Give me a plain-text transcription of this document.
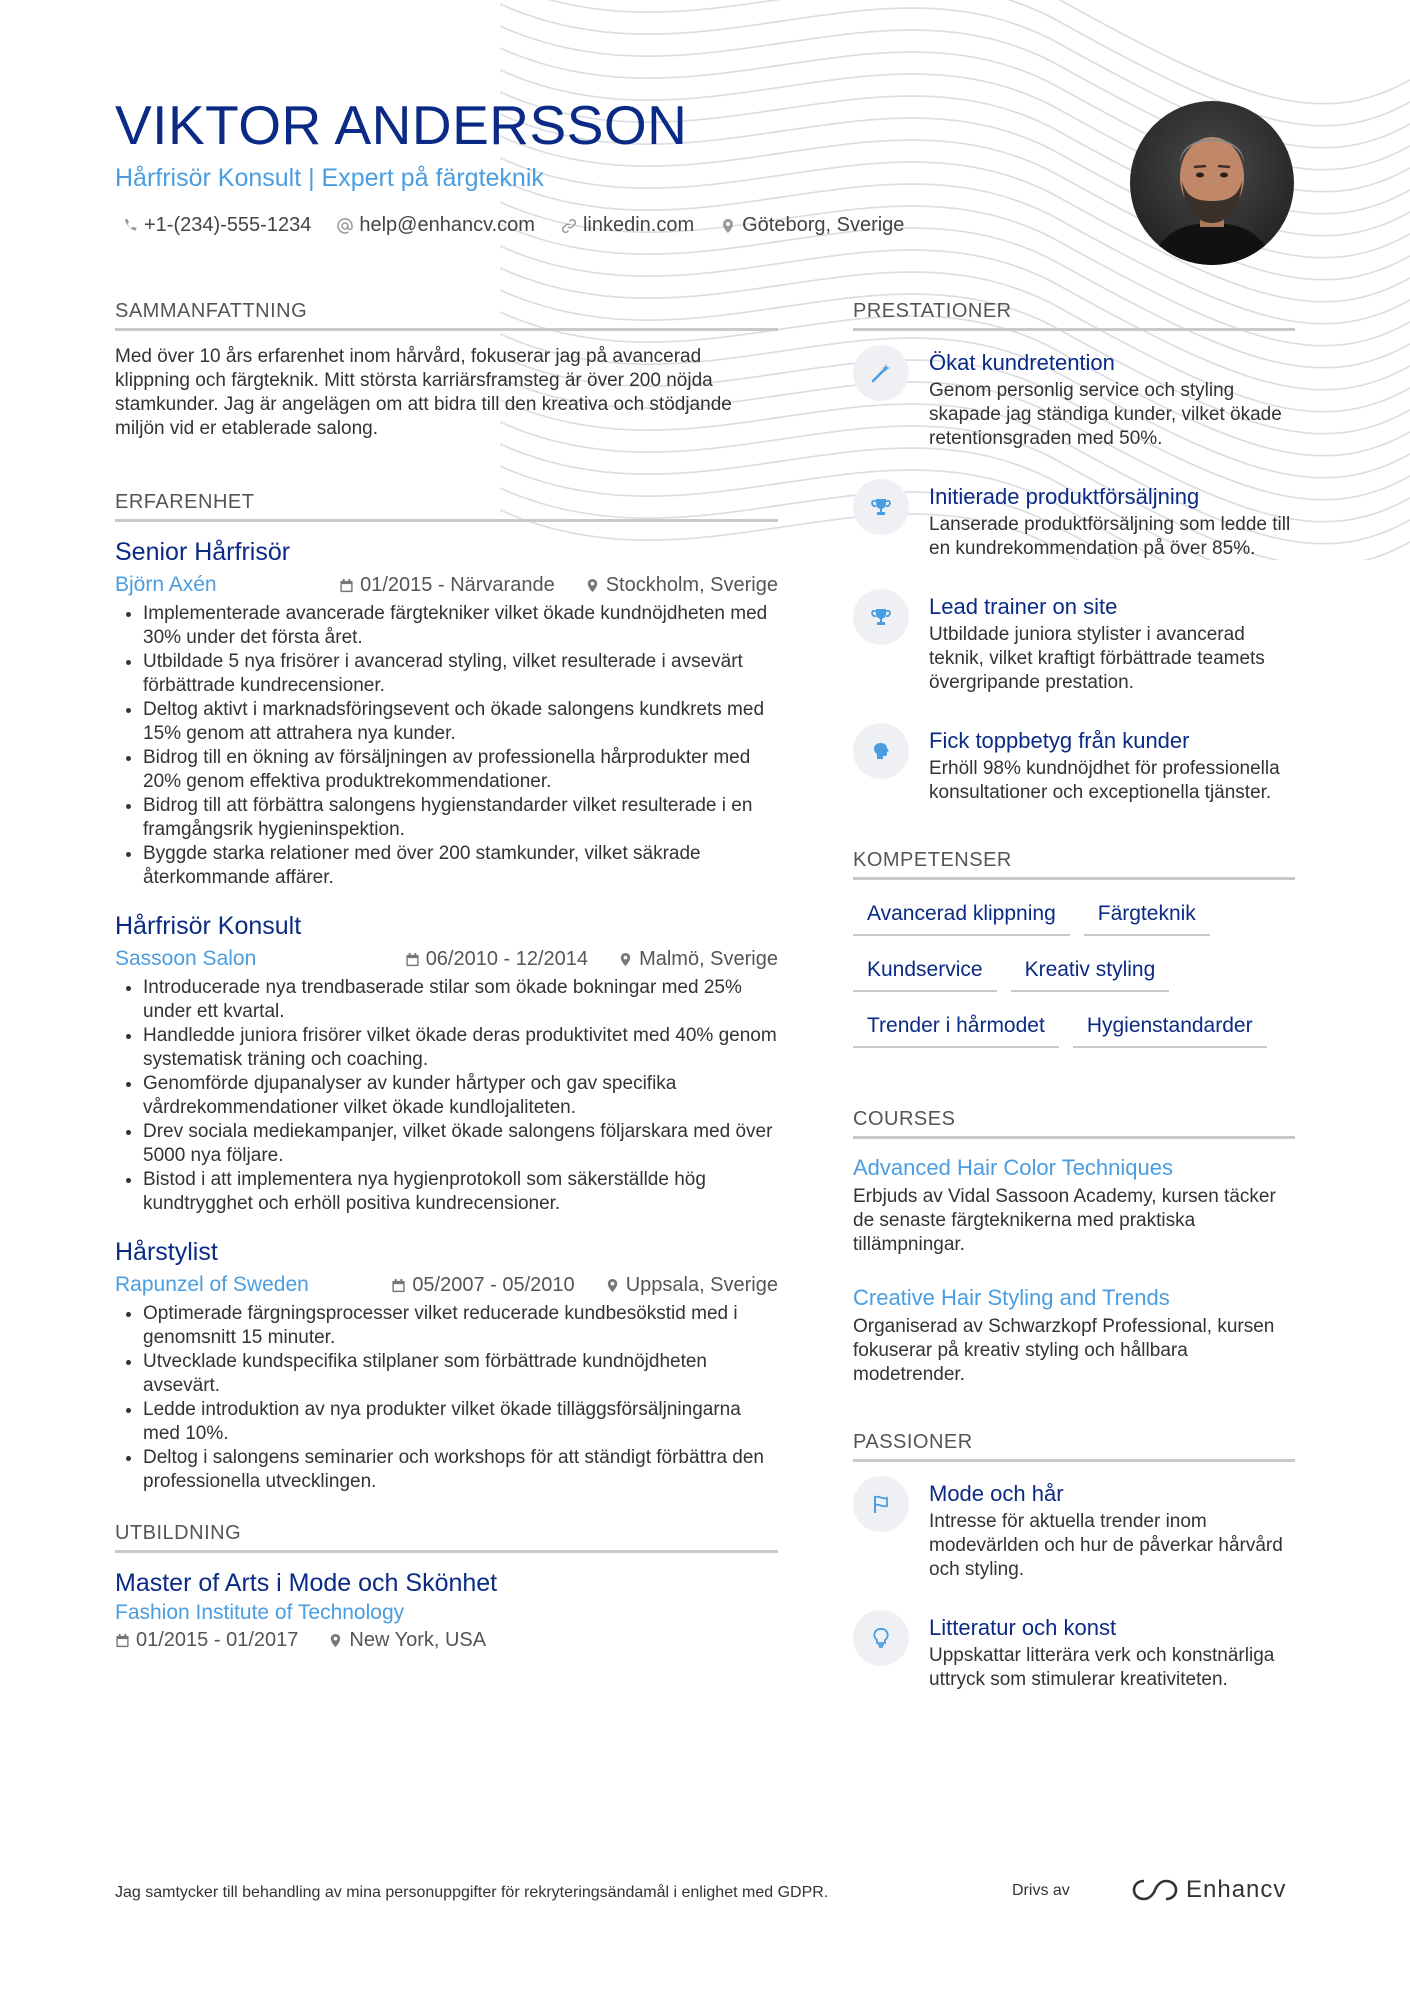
VIKTOR ANDERSSON
Hårfrisör Konsult | Expert på färgteknik
+1-(234)-555-1234 help@enhancv.com linkedin.com Göteborg, Sverige
SAMMANFATTNING

Med över 10 års erfarenhet inom hårvård, fokuserar jag på avancerad klippning och färgteknik. Mitt största karriärsframsteg är över 200 nöjda stamkunder. Jag är angelägen om att bidra till den kreativa och stödjande miljön vid er etablerade salong.

ERFARENHET
Senior Hårfrisör
Björn Axén	01/2015 - Närvarande	Stockholm, Sverige
• Implementerade avancerade färgtekniker vilket ökade kundnöjdheten med 30% under det första året.
• Utbildade 5 nya frisörer i avancerad styling, vilket resulterade i avsevärt förbättrade kundrecensioner.
• Deltog aktivt i marknadsföringsevent och ökade salongens kundkrets med 15% genom att attrahera nya kunder.
• Bidrog till en ökning av försäljningen av professionella hårprodukter med 20% genom effektiva produktrekommendationer.
• Bidrog till att förbättra salongens hygienstandarder vilket resulterade i en framgångsrik hygieninspektion.
• Byggde starka relationer med över 200 stamkunder, vilket säkrade återkommande affärer.
Hårfrisör Konsult
Sassoon Salon	06/2010 - 12/2014	Malmö, Sverige
• Introducerade nya trendbaserade stilar som ökade bokningar med 25% under ett kvartal.
• Handledde juniora frisörer vilket ökade deras produktivitet med 40% genom systematisk träning och coaching.
• Genomförde djupanalyser av kunder hårtyper och gav specifika vårdrekommendationer vilket ökade kundlojaliteten.
• Drev sociala mediekampanjer, vilket ökade salongens följarskara med över 5000 nya följare.
• Bistod i att implementera nya hygienprotokoll som säkerställde hög kundtrygghet och erhöll positiva kundrecensioner.
Hårstylist
Rapunzel of Sweden	05/2007 - 05/2010	Uppsala, Sverige
• Optimerade färgningsprocesser vilket reducerade kundbesökstid med i genomsnitt 15 minuter.
• Utvecklade kundspecifika stilplaner som förbättrade kundnöjdheten avsevärt.
• Ledde introduktion av nya produkter vilket ökade tilläggsförsäljningarna med 10%.
• Deltog i salongens seminarier och workshops för att ständigt förbättra den professionella utvecklingen.
UTBILDNING
Master of Arts i Mode och Skönhet
Fashion Institute of Technology
01/2015 - 01/2017	New York, USA
PRESTATIONER
Ökat kundretention
Genom personlig service och styling skapade jag ständiga kunder, vilket ökade retentionsgraden med 50%.
Initierade produktförsäljning
Lanserade produktförsäljning som ledde till en kundrekommendation på över 85%.
Lead trainer on site
Utbildade juniora stylister i avancerad teknik, vilket kraftigt förbättrade teamets övergripande prestation.
Fick toppbetyg från kunder
Erhöll 98% kundnöjdhet för professionella konsultationer och exceptionella tjänster.
KOMPETENSER
Avancerad klippning	Färgteknik
Kundservice	Kreativ styling
Trender i hårmodet	Hygienstandarder
COURSES
Advanced Hair Color Techniques
Erbjuds av Vidal Sassoon Academy, kursen täcker de senaste färgteknikerna med praktiska tillämpningar.
Creative Hair Styling and Trends
Organiserad av Schwarzkopf Professional, kursen fokuserar på kreativ styling och hållbara modetrender.
PASSIONER
Mode och hår
Intresse för aktuella trender inom modevärlden och hur de påverkar hårvård och styling.
Litteratur och konst
Uppskattar litterära verk och konstnärliga uttryck som stimulerar kreativiteten.
Jag samtycker till behandling av mina personuppgifter för rekryteringsändamål i enlighet med GDPR.	Drivs av	Enhancv
